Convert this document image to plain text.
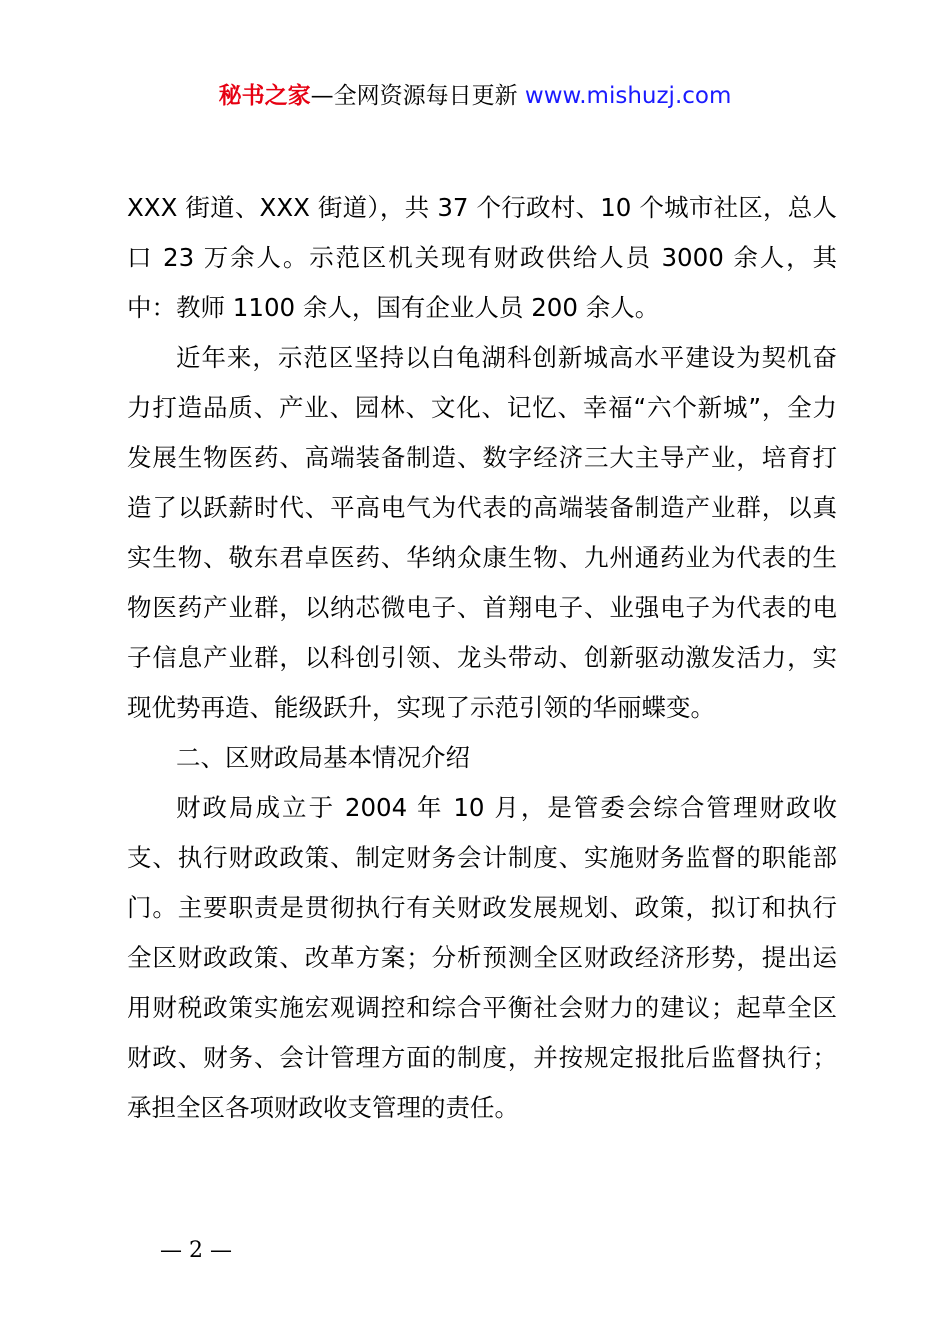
秘书之家—全网资源每日更新 www.mishuzj.com

XXX 街道、XXX 街道），共 37 个行政村、10 个城市社区，总人口 23 万余人。示范区机关现有财政供给人员 3000 余人，其中：教师 1100 余人，国有企业人员 200 余人。

近年来，示范区坚持以白龟湖科创新城高水平建设为契机奋力打造品质、产业、园林、文化、记忆、幸福“六个新城”，全力发展生物医药、高端装备制造、数字经济三大主导产业，培育打造了以跃薪时代、平高电气为代表的高端装备制造产业群，以真实生物、敬东君卓医药、华纳众康生物、九州通药业为代表的生物医药产业群，以纳芯微电子、首翔电子、业强电子为代表的电子信息产业群，以科创引领、龙头带动、创新驱动激发活力，实现优势再造、能级跃升，实现了示范引领的华丽蝶变。

二、区财政局基本情况介绍

财政局成立于 2004 年 10 月，是管委会综合管理财政收支、执行财政政策、制定财务会计制度、实施财务监督的职能部门。主要职责是贯彻执行有关财政发展规划、政策，拟订和执行全区财政政策、改革方案；分析预测全区财政经济形势，提出运用财税政策实施宏观调控和综合平衡社会财力的建议；起草全区财政、财务、会计管理方面的制度，并按规定报批后监督执行；承担全区各项财政收支管理的责任。

— 2 —
